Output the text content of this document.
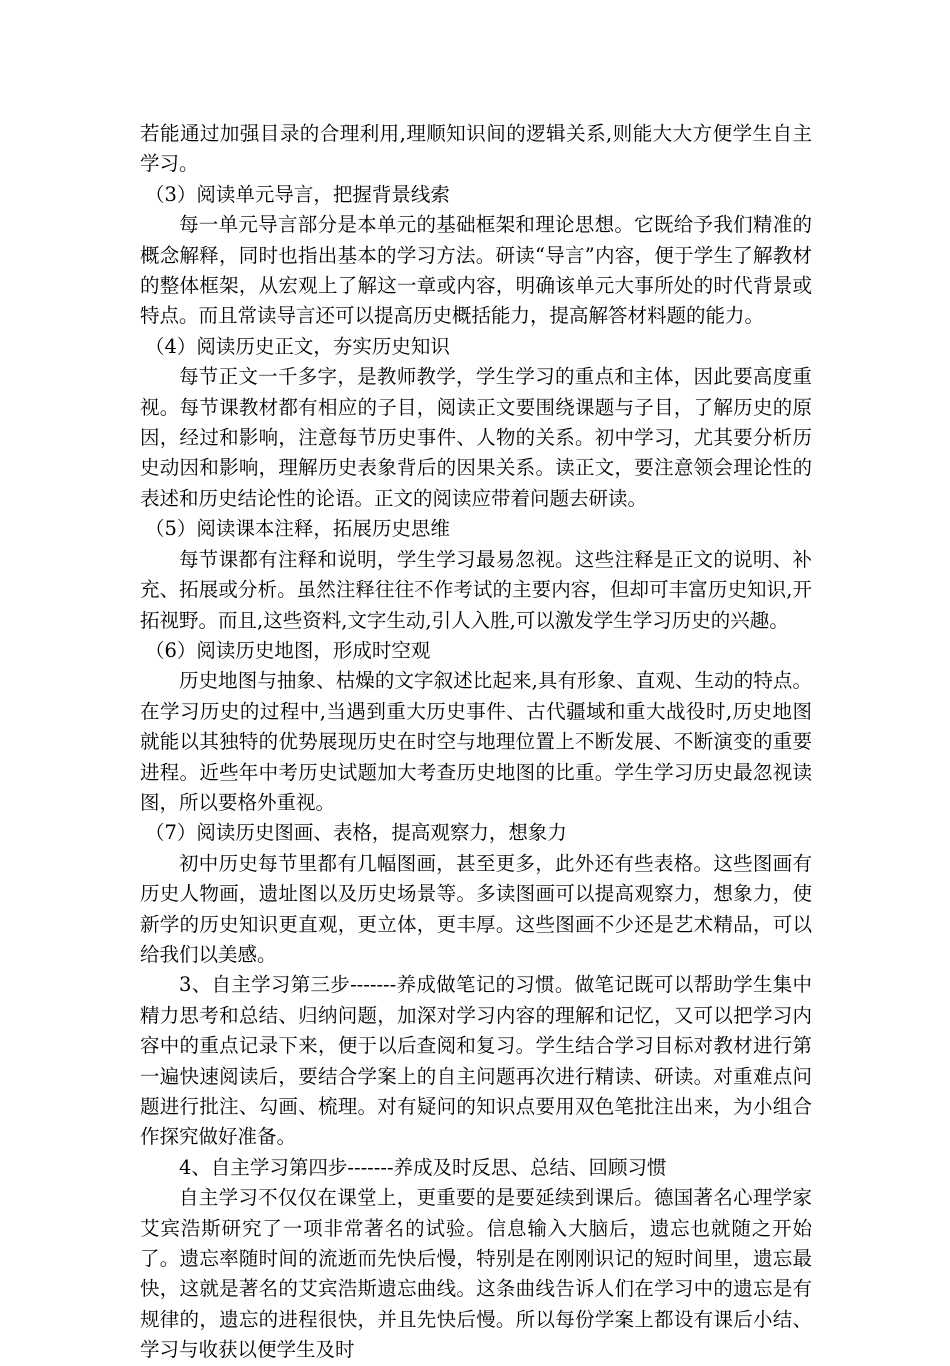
若能通过加强目录的合理利用,理顺知识间的逻辑关系,则能大大方便学生自主学习。

（3）阅读单元导言，把握背景线索

每一单元导言部分是本单元的基础框架和理论思想。它既给予我们精准的概念解释，同时也指出基本的学习方法。研读“导言”内容，便于学生了解教材的整体框架，从宏观上了解这一章或内容，明确该单元大事所处的时代背景或特点。而且常读导言还可以提高历史概括能力，提高解答材料题的能力。

（4）阅读历史正文，夯实历史知识

每节正文一千多字，是教师教学，学生学习的重点和主体，因此要高度重视。每节课教材都有相应的子目，阅读正文要围绕课题与子目，了解历史的原因，经过和影响，注意每节历史事件、人物的关系。初中学习，尤其要分析历史动因和影响，理解历史表象背后的因果关系。读正文，要注意领会理论性的表述和历史结论性的论语。正文的阅读应带着问题去研读。

（5）阅读课本注释，拓展历史思维

每节课都有注释和说明，学生学习最易忽视。这些注释是正文的说明、补充、拓展或分析。虽然注释往往不作考试的主要内容，但却可丰富历史知识,开拓视野。而且,这些资料,文字生动,引人入胜,可以激发学生学习历史的兴趣。

（6）阅读历史地图，形成时空观

历史地图与抽象、枯燥的文字叙述比起来,具有形象、直观、生动的特点。在学习历史的过程中,当遇到重大历史事件、古代疆域和重大战役时,历史地图就能以其独特的优势展现历史在时空与地理位置上不断发展、不断演变的重要进程。近些年中考历史试题加大考查历史地图的比重。学生学习历史最忽视读图，所以要格外重视。

（7）阅读历史图画、表格，提高观察力，想象力

初中历史每节里都有几幅图画，甚至更多，此外还有些表格。这些图画有历史人物画，遗址图以及历史场景等。多读图画可以提高观察力，想象力，使新学的历史知识更直观，更立体，更丰厚。这些图画不少还是艺术精品，可以给我们以美感。

3、自主学习第三步-------养成做笔记的习惯。做笔记既可以帮助学生集中精力思考和总结、归纳问题，加深对学习内容的理解和记忆，又可以把学习内容中的重点记录下来，便于以后查阅和复习。学生结合学习目标对教材进行第一遍快速阅读后，要结合学案上的自主问题再次进行精读、研读。对重难点问题进行批注、勾画、梳理。对有疑问的知识点要用双色笔批注出来，为小组合作探究做好准备。

4、自主学习第四步-------养成及时反思、总结、回顾习惯

自主学习不仅仅在课堂上，更重要的是要延续到课后。德国著名心理学家艾宾浩斯研究了一项非常著名的试验。信息输入大脑后，遗忘也就随之开始了。遗忘率随时间的流逝而先快后慢，特别是在刚刚识记的短时间里，遗忘最快，这就是著名的艾宾浩斯遗忘曲线。这条曲线告诉人们在学习中的遗忘是有规律的，遗忘的进程很快，并且先快后慢。所以每份学案上都设有课后小结、学习与收获以便学生及时
